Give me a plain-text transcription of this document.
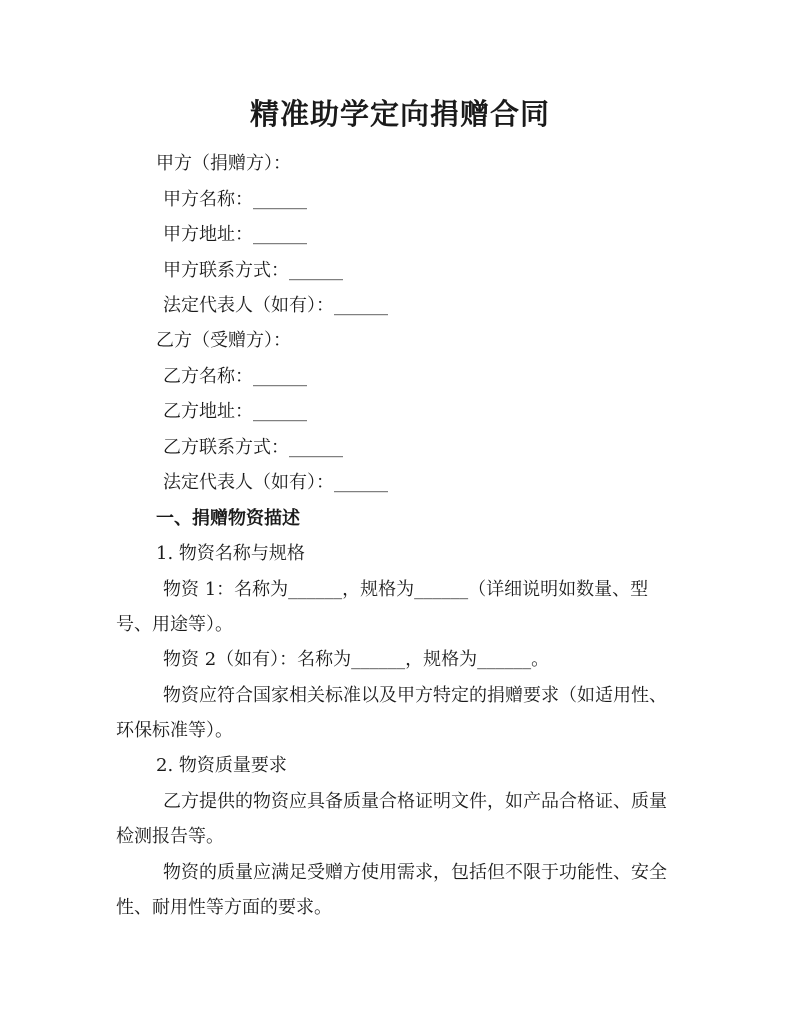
精准助学定向捐赠合同
甲方（捐赠方）：
甲方名称：______
甲方地址：______
甲方联系方式：______
法定代表人（如有）：______
乙方（受赠方）：
乙方名称：______
乙方地址：______
乙方联系方式：______
法定代表人（如有）：______
一、捐赠物资描述
1. 物资名称与规格
物资 1：名称为______，规格为______（详细说明如数量、型
号、用途等）。
物资 2（如有）：名称为______，规格为______。
物资应符合国家相关标准以及甲方特定的捐赠要求（如适用性、
环保标准等）。
2. 物资质量要求
乙方提供的物资应具备质量合格证明文件，如产品合格证、质量
检测报告等。
物资的质量应满足受赠方使用需求，包括但不限于功能性、安全
性、耐用性等方面的要求。
